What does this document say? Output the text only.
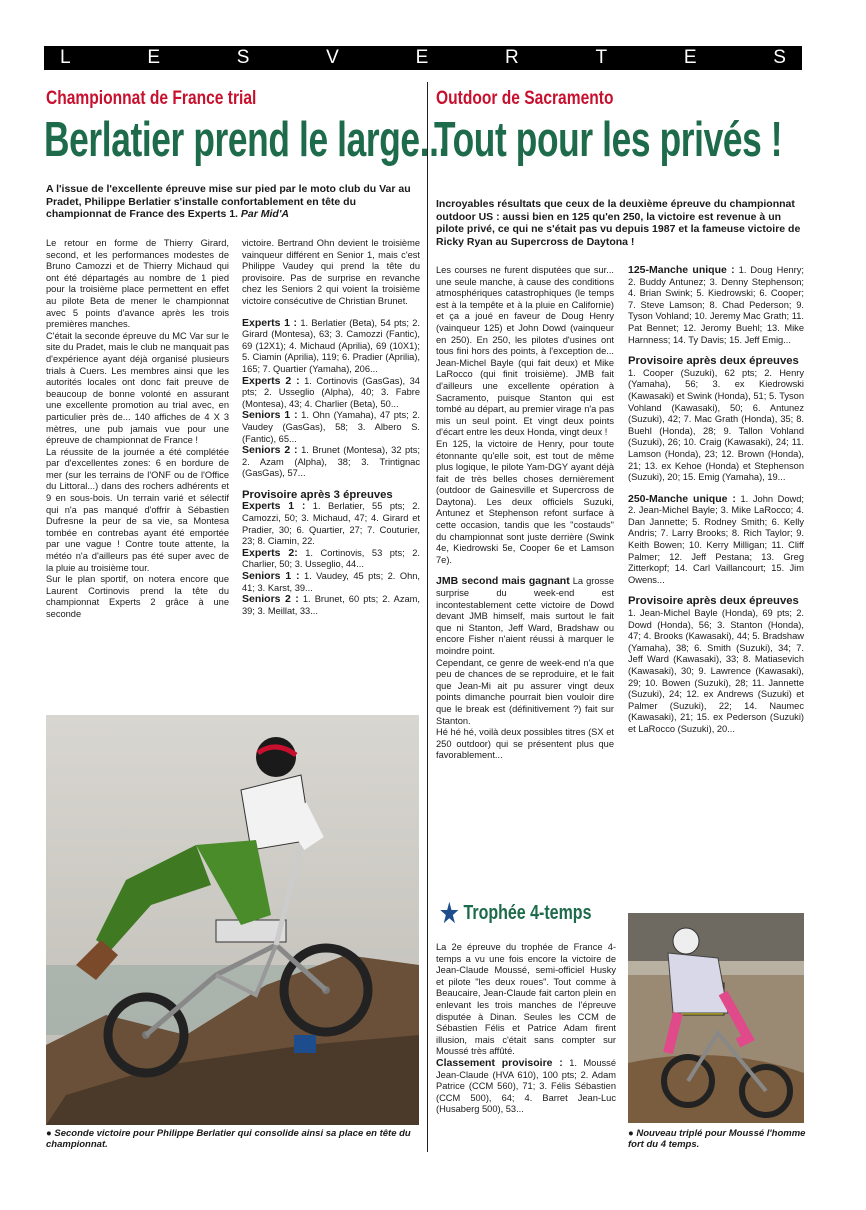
L	E	S	V	E	R	T	E	S
Championnat de France trial
Berlatier prend le large...
A l'issue de l'excellente épreuve mise sur pied par le moto club du Var au Pradet, Philippe Berlatier s'installe confortablement en tête du championnat de France des Experts 1. Par Mid'A

Le retour en forme de Thierry Girard, second, et les performances modestes de Bruno Camozzi et de Thierry Michaud qui ont été départagés au nombre de 1 pied pour la troisième place permettent en effet au pilote Beta de mener le championnat avec 5 points d'avance après les trois premières manches.

C'était la seconde épreuve du MC Var sur le site du Pradet, mais le club ne manquait pas d'expérience ayant déjà organisé plusieurs trials à Cuers. Les membres ainsi que les autorités locales ont donc fait preuve de beaucoup de bonne volonté en assurant une excellente promotion au trial avec, en particulier près de... 140 affiches de 4 X 3 mètres, une pub jamais vue pour une épreuve de championnat de France !

La réussite de la journée a été complétée par d'excellentes zones: 6 en bordure de mer (sur les terrains de l'ONF ou de l'Office du Littoral...) dans des rochers adhérents et 9 en sous-bois. Un terrain varié et sélectif qui n'a pas manqué d'offrir à Sébastien Dufresne la peur de sa vie, sa Montesa tombée en contrebas ayant été emportée par une vague ! Contre toute attente, la météo n'a d'ailleurs pas été super avec de la pluie au troisième tour.

Sur le plan sportif, on notera encore que Laurent Cortinovis prend la tête du championnat Experts 2 grâce à une seconde

victoire. Bertrand Ohn devient le troisième vainqueur différent en Senior 1, mais c'est Philippe Vaudey qui prend la tête du provisoire. Pas de surprise en revanche chez les Seniors 2 qui voient la troisième victoire consécutive de Christian Brunet.

Experts 1 : 1. Berlatier (Beta), 54 pts; 2. Girard (Montesa), 63; 3. Camozzi (Fantic), 69 (12X1); 4. Michaud (Aprilia), 69 (10X1); 5. Ciamin (Aprilia), 119; 6. Pradier (Aprilia), 165; 7. Quartier (Yamaha), 206...

Experts 2 : 1. Cortinovis (GasGas), 34 pts; 2. Usseglio (Alpha), 40; 3. Fabre (Montesa), 43; 4. Charlier (Beta), 50...

Seniors 1 : 1. Ohn (Yamaha), 47 pts; 2. Vaudey (GasGas), 58; 3. Albero S. (Fantic), 65...

Seniors 2 : 1. Brunet (Montesa), 32 pts; 2. Azam (Alpha), 38; 3. Trintignac (GasGas), 57...

Provisoire après 3 épreuves

Experts 1 : 1. Berlatier, 55 pts; 2. Camozzi, 50; 3. Michaud, 47; 4. Girard et Pradier, 30; 6. Quartier, 27; 7. Couturier, 23; 8. Ciamin, 22.

Experts 2: 1. Cortinovis, 53 pts; 2. Charlier, 50; 3. Usseglio, 44...

Seniors 1 : 1. Vaudey, 45 pts; 2. Ohn, 41; 3. Karst, 39...

Seniors 2 : 1. Brunet, 60 pts; 2. Azam, 39; 3. Meillat, 33...

● Seconde victoire pour Philippe Berlatier qui consolide ainsi sa place en tête du championnat.
Outdoor de Sacramento
Tout pour les privés !
Incroyables résultats que ceux de la deuxième épreuve du championnat outdoor US : aussi bien en 125 qu'en 250, la victoire est revenue à un pilote privé, ce qui ne s'était pas vu depuis 1987 et la fameuse victoire de Ricky Ryan au Supercross de Daytona !

Les courses ne furent disputées que sur... une seule manche, à cause des conditions atmosphériques catastrophiques (le temps est à la tempête et à la pluie en Californie) et ça a joué en faveur de Doug Henry (vainqueur 125) et John Dowd (vainqueur en 250). En 250, les pilotes d'usines ont tous fini hors des points, à l'exception de... Jean-Michel Bayle (qui fait deux) et Mike LaRocco (qui finit troisième). JMB fait d'ailleurs une excellente opération à Sacramento, puisque Stanton qui est tombé au départ, au premier virage n'a pas mis un seul point. Et vingt deux points d'écart entre les deux Honda, vingt deux !

En 125, la victoire de Henry, pour toute étonnante qu'elle soit, est tout de même plus logique, le pilote Yam-DGY ayant déjà fait de très belles choses dernièrement (outdoor de Gainesville et Supercross de Daytona). Les deux officiels Suzuki, Antunez et Stephenson refont surface à cette occasion, tandis que les "costauds" du championnat sont juste derrière (Swink 4e, Kiedrowski 5e, Cooper 6e et Lamson 7e).

JMB second mais gagnant La grosse surprise du week-end est incontestablement cette victoire de Dowd devant JMB himself, mais surtout le fait que ni Stanton, Jeff Ward, Bradshaw ou encore Fisher n'aient réussi à marquer le moindre point.

Cependant, ce genre de week-end n'a que peu de chances de se reproduire, et le fait que Jean-Mi ait pu assurer vingt deux points dimanche pourrait bien vouloir dire que le break est (définitivement ?) fait sur Stanton.

Hé hé hé, voilà deux possibles titres (SX et 250 outdoor) qui se présentent plus que favorablement...

125-Manche unique : 1. Doug Henry; 2. Buddy Antunez; 3. Denny Stephenson; 4. Brian Swink; 5. Kiedrowski; 6. Cooper; 7. Steve Lamson; 8. Chad Pederson; 9. Tyson Vohland; 10. Jeremy Mac Grath; 11. Pat Bennet; 12. Jeromy Buehl; 13. Mike Harnness; 14. Ty Davis; 15. Jeff Emig...

Provisoire après deux épreuves

1. Cooper (Suzuki), 62 pts; 2. Henry (Yamaha), 56; 3. ex Kiedrowski (Kawasaki) et Swink (Honda), 51; 5. Tyson Vohland (Kawasaki), 50; 6. Antunez (Suzuki), 42; 7. Mac Grath (Honda), 35; 8. Buehl (Honda), 28; 9. Tallon Vohland (Suzuki), 26; 10. Craig (Kawasaki), 24; 11. Lamson (Honda), 23; 12. Brown (Honda), 21; 13. ex Kehoe (Honda) et Stephenson (Suzuki), 20; 15. Emig (Yamaha), 19...

250-Manche unique : 1. John Dowd; 2. Jean-Michel Bayle; 3. Mike LaRocco; 4. Dan Jannette; 5. Rodney Smith; 6. Kelly Andris; 7. Larry Brooks; 8. Rich Taylor; 9. Keith Bowen; 10. Kerry Milligan; 11. Cliff Palmer; 12. Jeff Pestana; 13. Greg Zitterkopf; 14. Carl Vaillancourt; 15. Jim Owens...

Provisoire après deux épreuves

1. Jean-Michel Bayle (Honda), 69 pts; 2. Dowd (Honda), 56; 3. Stanton (Honda), 47; 4. Brooks (Kawasaki), 44; 5. Bradshaw (Yamaha), 38; 6. Smith (Suzuki), 34; 7. Jeff Ward (Kawasaki), 33; 8. Matiasevich (Kawasaki), 30; 9. Lawrence (Kawasaki), 29; 10. Bowen (Suzuki), 28; 11. Jannette (Suzuki), 24; 12. ex Andrews (Suzuki) et Palmer (Suzuki), 22; 14. Naumec (Kawasaki), 21; 15. ex Pederson (Suzuki) et LaRocco (Suzuki), 20...

★ Trophée 4-temps

La 2e épreuve du trophée de France 4-temps a vu une fois encore la victoire de Jean-Claude Moussé, semi-officiel Husky et pilote "les deux roues". Tout comme à Beaucaire, Jean-Claude fait carton plein en enlevant les trois manches de l'épreuve disputée à Dinan. Seules les CCM de Sébastien Félis et Patrice Adam firent illusion, mais c'était sans compter sur Moussé très affûté.

Classement provisoire : 1. Moussé Jean-Claude (HVA 610), 100 pts; 2. Adam Patrice (CCM 560), 71; 3. Félis Sébastien (CCM 500), 64; 4. Barret Jean-Luc (Husaberg 500), 53...

● Nouveau triplé pour Moussé l'homme fort du 4 temps.
